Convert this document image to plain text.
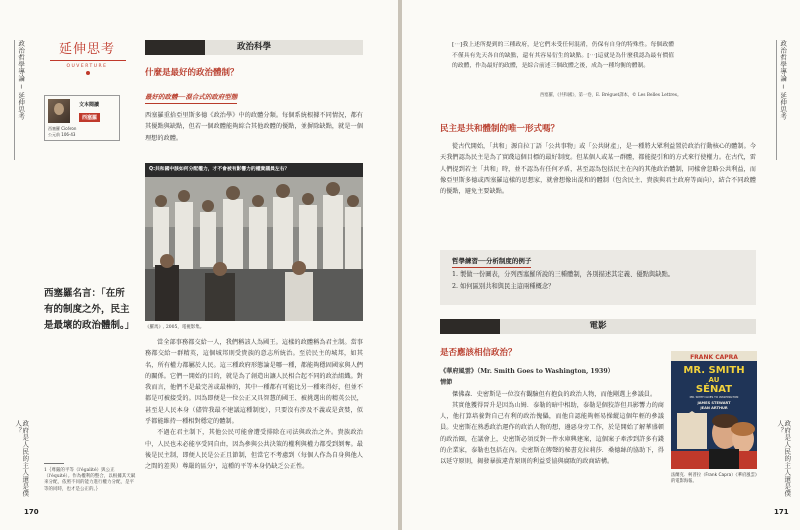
政治哲學導論 ─ 延伸思考	延伸思考
OUVERTURE
文本閱讀
西塞羅
西塞羅 Cicéron
公元前 106-43
西塞羅名言：「在所有的制度之外，民主是最壞的政治體制。」
1｛尊嚴的平等（l'égalité）與公正（l'équité）。作為權利的整合，以根據其天賦來分配，依照不同的能力進行權力分配，是平等的同時，也才是公正的。｝
170
政治科學
什麼是最好的政治體制？
最好的政體──混合式的政府型態

西塞羅重拾亞里斯多德《政治學》中的政體分類。每個系統根據不同情況，都有其優點與缺點，但若一個政體能夠綜合其他政體的優點，並摒除缺點，就是一個理想的政體。

Q:共和國中該如何分配權力，才不會被有影響力的權貴議員左右？
《羅馬》, 2005，電視影集。

當全部事務都交給一人，我們稱該人為國王。這樣的政體稱為君主制。當事務都交給一群精英，這個城邦則受貴族的意志所統治。至於民主的城邦，如其名，所有權力都屬於人民。這三種政府形態論是哪一種，都能夠穩固國家與人們的關係。它們一開始的目的，就是為了創造出讓人民相合起不同的政治組織。對我而言，他們不是最完善或最棒的，其中一種都有可能比另一種來得好，但並不都是可被接受的。因為即便是一位公正又具智慧的國王、被挑選出的精英公民，甚至是人民本身（儘管我最不建議這種制度），只要沒有涉及不義或是貪婪，似乎都能維持一種相對穩定的體制。

不過在君主制下，其他公民可能會遭受排除在司法與政治之外。貴族政治中，人民也未必能享受同自由，因為參與公共決策的權利與權力都受到剝奪。最後是民主制，即便人民是公正且節制，但當它不考慮到（每個人作為自身與他人之間的差異）尊嚴的區分¹，這種的平等本身仍缺乏公正性。

政府是人民的主人還是僕人？
政治哲學導論 ─ 延伸思考
政府是人民的主人還是僕人？
171
[⋯]我上述所提到的三種政府，是它們未受任何混淆，仍保有自身的特殊性。每個政體不僅具有先天各自的缺點，還有其容易衍生的缺點。[⋯]這就是為什麼我認為最有價值的政體，作為最好的政體，是綜合前述三個政體之後，成為一種均衡的體制。
西塞羅，《共和國》，第一卷，E. Bréguet譯本，© Les Belles Lettres。
民主是共和體制的唯一形式嗎？

從古代開始，「共和」源自拉丁語「公共事物」或「公共財產」，是一種將大眾利益置於政治行動核心的體制。今天我們認為民主是為了實踐這個目標的最好制度。但某個人或某一群體，都能提引和的方式來行使權力。在古代，雷人們提到若主「共和」時，並不認為有任何矛盾，甚至認為包括民主在內的其他政治體制，同樣會忽略公共利益，而像亞里斯多德或西塞羅這樣的思想家，就會想像出混和的體制（包含民主、貴族與君主政府等面向），結合不同政體的優點，避免主要缺點。

哲學練習──分析制度的例子
1. 製做一份圖表，分列西塞羅所說的三種體制，各別描述其定義、優點與缺點。
2. 如何區別共和與民主這兩種概念？
電影
是否應該相信政治？

《華府風雲》（Mr. Smith Goes to Washington, 1939）

情節

傑佛森．史密斯是一位沒有觀驗但有抱負的政治人物，而他剛選上參議員。

其實他獲得晉升是因為山姆．泰勒的暗中相助，泰勒是個狡詐但具影響力的商人，他打算培養對自己有利的政治傀儡，而他自認能夠輕易操縱這個年輕的參議員。史密斯在熟悉政治運作的政治人物的想，邊惡身旁工作，於是開始了解華盛頓的政治圈，在議會上，史密斯必須反對一件水庫興建案，這個案子牽涉到許多有錢的企業家，泰勒也包括在內。史密斯在傳聲的秘書克拉莉莎．桑德絲的協助下，得以延守原則，揭發暴拔違背原則的利益妥協與腐敗的政商結構。

FRANK CAPRA
MR. SMITH
AU
SÉNAT
MR. SMITH GOES TO WASHINGTON
JAMES STEWART
JEAN ARTHUR
法蘭克．柯普拉（Frank Capra）《華府風雲》的電影海報。
